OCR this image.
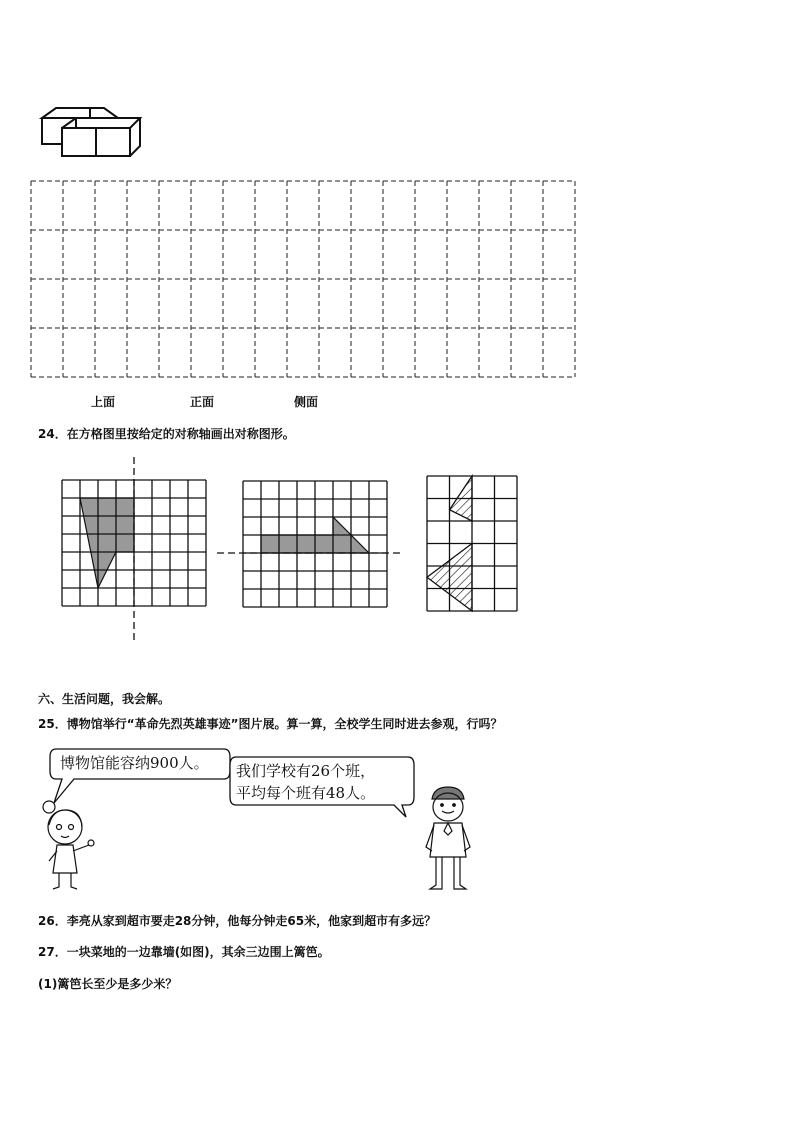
上面	正面	侧面
24．在方格图里按给定的对称轴画出对称图形。
六、生活问题，我会解。
25．博物馆举行“革命先烈英雄事迹”图片展。算一算，全校学生同时进去参观，行吗？
博物馆能容纳900人。 我们学校有26个班，
平均每个班有48人。
26．李亮从家到超市要走28分钟，他每分钟走65米，他家到超市有多远？
27．一块菜地的一边靠墙(如图)，其余三边围上篱笆。
(1)篱笆长至少是多少米？
